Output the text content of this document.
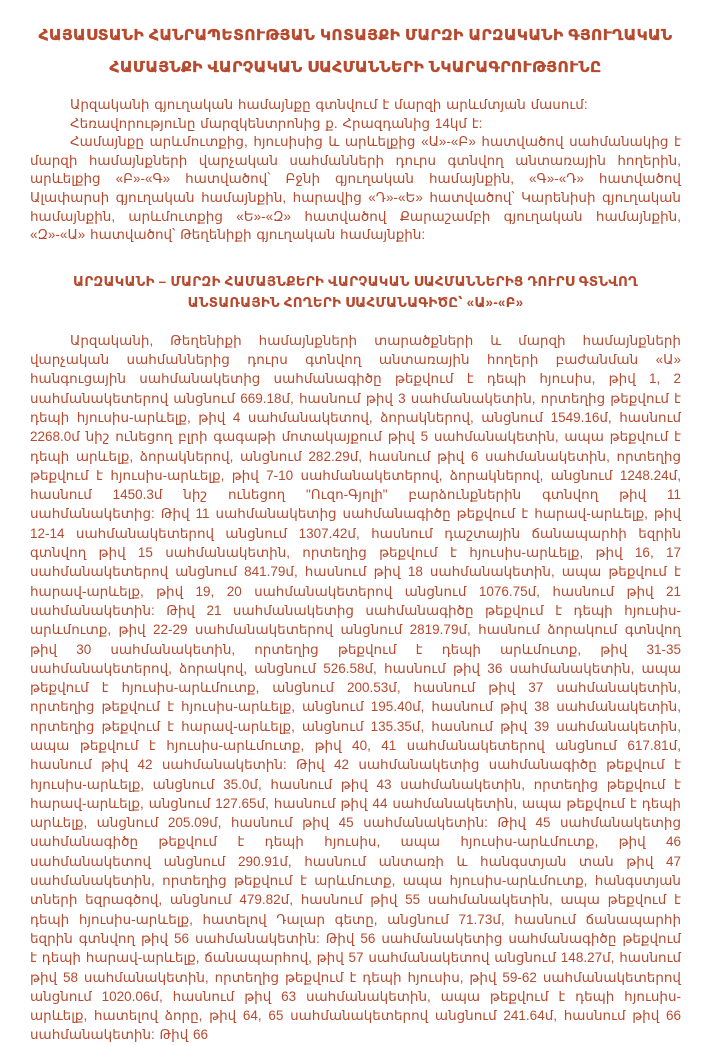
ՀԱՅԱՍՏԱՆԻ ՀԱՆՐԱՊԵՏՈՒԹՅԱՆ ԿՈՏԱՅՔԻ ՄԱՐԶԻ ԱՐԶԱԿԱՆԻ ԳՅՈՒՂԱԿԱՆ
ՀԱՄԱՅՆՔԻ ՎԱՐՉԱԿԱՆ ՍԱՀՄԱՆՆԵՐԻ ՆԿԱՐԱԳՐՈՒԹՅՈՒՆԸ

Արզականի գյուղական համայնքը գտնվում է մարզի արևմտյան մասում:

Հեռավորությունը մարզկենտրոնից ք. Հրազդանից 14կմ է:

Համայնքը արևմուտքից, հյուսիսից և արևելքից «Ա»-«Բ» հատվածով սահմանակից է մարզի համայնքների վարչական սահմանների դուրս գտնվող անտառային հողերին, արևելքից «Բ»-«Գ» հատվածով՝ Բջնի գյուղական համայնքին, «Գ»-«Դ» հատվածով Ալափարսի գյուղական համայնքին, հարավից «Դ»-«Ե» հատվածով՝ Կարենիսի գյուղական համայնքին, արևմուտքից «Ե»-«Զ» հատվածով Քարաշամբի գյուղական համայնքին, «Զ»-«Ա» հատվածով՝ Թեղենիքի գյուղական համայնքին:

ԱՐԶԱԿԱՆԻ – ՄԱՐԶԻ ՀԱՄԱՅՆՔԵՐԻ ՎԱՐՉԱԿԱՆ ՍԱՀՄԱՆՆԵՐԻՑ ԴՈՒՐՍ ԳՏՆՎՈՂ
ԱՆՏԱՌԱՅԻՆ ՀՈՂԵՐԻ ՍԱՀՄԱՆԱԳԻԾԸ՝ «Ա»-«Բ»

Արզականի, Թեղենիքի համայնքների տարածքների և մարզի համայնքների վարչական սահմաններից դուրս գտնվող անտառային հողերի բաժանման «Ա» հանգուցային սահմանակետից սահմանագիծը թեքվում է դեպի հյուսիս, թիվ 1, 2 սահմանակետերով անցնում 669.18մ, հասնում թիվ 3 սահմանակետին, որտեղից թեքվում է դեպի հյուսիս-արևելք, թիվ 4 սահմանակետով, ձորակներով, անցնում 1549.16մ, հասնում 2268.0մ նիշ ունեցող բլրի գագաթի մոտակայքում թիվ 5 սահմանակետին, ապա թեքվում է դեպի արևելք, ձորակներով, անցնում 282.29մ, հասնում թիվ 6 սահմանակետին, որտեղից թեքվում է հյուսիս-արևելք, թիվ 7-10 սահմանակետերով, ձորակներով, անցնում 1248.24մ, հասնում 1450.3մ նիշ ունեցող "Ուզո-Գյոլի" բարձունքներին գտնվող թիվ 11 սահմանակետից: Թիվ 11 սահմանակետից սահմանագիծը թեքվում է հարավ-արևելք, թիվ 12-14 սահմանակետերով անցնում 1307.42մ, հասնում դաշտային ճանապարհի եզրին գտնվող թիվ 15 սահմանակետին, որտեղից թեքվում է հյուսիս-արևելք, թիվ 16, 17 սահմանակետերով անցնում 841.79մ, հասնում թիվ 18 սահմանակետին, ապա թեքվում է հարավ-արևելք, թիվ 19, 20 սահմանակետերով անցնում 1076.75մ, հասնում թիվ 21 սահմանակետին: Թիվ 21 սահմանակետից սահմանագիծը թեքվում է դեպի հյուսիս-արևմուտք, թիվ 22-29 սահմանակետերով անցնում 2819.79մ, հասնում ձորակում գտնվող թիվ 30 սահմանակետին, որտեղից թեքվում է դեպի արևմուտք, թիվ 31-35 սահմանակետերով, ձորակով, անցնում 526.58մ, հասնում թիվ 36 սահմանակետին, ապա թեքվում է հյուսիս-արևմուտք, անցնում 200.53մ, հասնում թիվ 37 սահմանակետին, որտեղից թեքվում է հյուսիս-արևելք, անցնում 195.40մ, հասնում թիվ 38 սահմանակետին, որտեղից թեքվում է հարավ-արևելք, անցնում 135.35մ, հասնում թիվ 39 սահմանակետին, ապա թեքվում է հյուսիս-արևմուտք, թիվ 40, 41 սահմանակետերով անցնում 617.81մ, հասնում թիվ 42 սահմանակետին: Թիվ 42 սահմանակետից սահմանագիծը թեքվում է հյուսիս-արևելք, անցնում 35.0մ, հասնում թիվ 43 սահմանակետին, որտեղից թեքվում է հարավ-արևելք, անցնում 127.65մ, հասնում թիվ 44 սահմանակետին, ապա թեքվում է դեպի արևելք, անցնում 205.09մ, հասնում թիվ 45 սահմանակետին: Թիվ 45 սահմանակետից սահմանագիծը թեքվում է դեպի հյուսիս, ապա հյուսիս-արևմուտք, թիվ 46 սահմանակետով անցնում 290.91մ, հասնում անտառի և հանգստյան տան թիվ 47 սահմանակետին, որտեղից թեքվում է արևմուտք, ապա հյուսիս-արևմուտք, հանգստյան տների եզրագծով, անցնում 479.82մ, հասնում թիվ 55 սահմանակետին, ապա թեքվում է դեպի հյուսիս-արևելք, հատելով Դալար գետը, անցնում 71.73մ, հասնում ճանապարհի եզրին գտնվող թիվ 56 սահմանակետին: Թիվ 56 սահմանակետից սահմանագիծը թեքվում է դեպի հարավ-արևելք, ճանապարհով, թիվ 57 սահմանակետով անցնում 148.27մ, հասնում թիվ 58 սահմանակետին, որտեղից թեքվում է դեպի հյուսիս, թիվ 59-62 սահմանակետերով անցնում 1020.06մ, հասնում թիվ 63 սահմանակետին, ապա թեքվում է դեպի հյուսիս-արևելք, հատելով ձորը, թիվ 64, 65 սահմանակետերով անցնում 241.64մ, հասնում թիվ 66 սահմանակետին: Թիվ 66
